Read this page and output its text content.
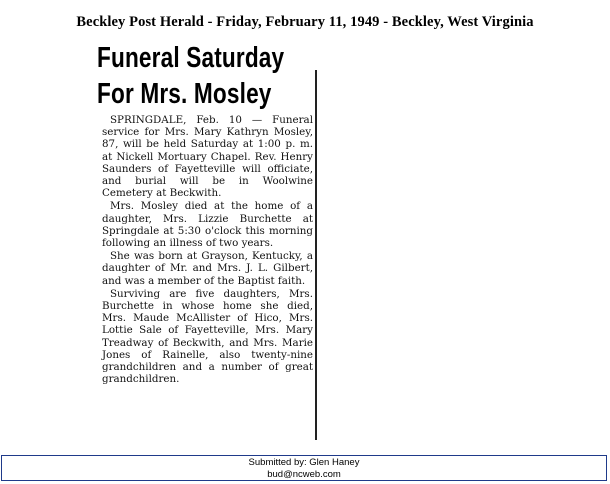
Beckley Post Herald - Friday, February 11, 1949 - Beckley, West Virginia
Funeral Saturday
For Mrs. Mosley

SPRINGDALE, Feb. 10 — Funeral service for Mrs. Mary Kathryn Mosley, 87, will be held Saturday at 1:00 p. m. at Nickell Mortuary Chapel. Rev. Henry Saunders of Fayetteville will officiate, and burial will be in Woolwine Cemetery at Beckwith.

Mrs. Mosley died at the home of a daughter, Mrs. Lizzie Burchette at Springdale at 5:30 o'clock this morning following an illness of two years.

She was born at Grayson, Kentucky, a daughter of Mr. and Mrs. J. L. Gilbert, and was a member of the Baptist faith.

Surviving are five daughters, Mrs. Burchette in whose home she died, Mrs. Maude McAllister of Hico, Mrs. Lottie Sale of Fayetteville, Mrs. Mary Treadway of Beckwith, and Mrs. Marie Jones of Rainelle, also twenty-nine grandchildren and a number of great grandchildren.

Submitted by: Glen Haney
bud@ncweb.com
